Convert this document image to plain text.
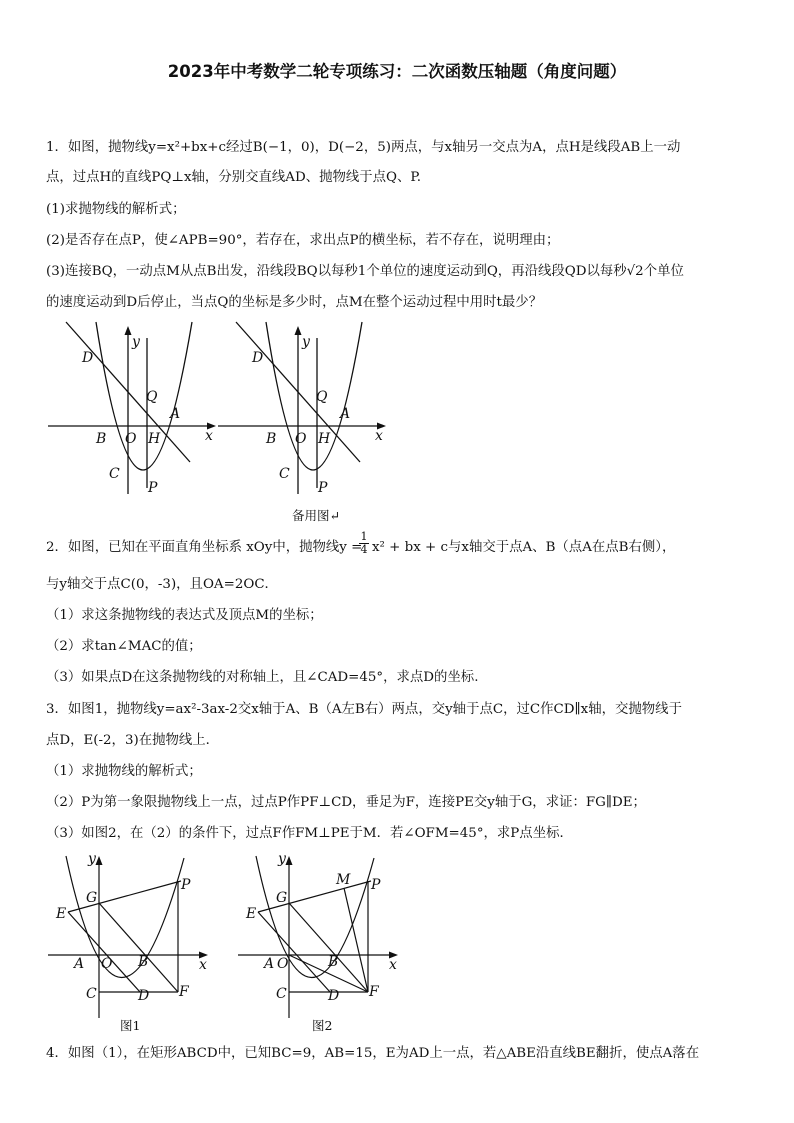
2023年中考数学二轮专项练习：二次函数压轴题（角度问题）
1．如图，抛物线y=x²+bx+c经过B(−1，0)，D(−2，5)两点，与x轴另一交点为A，点H是线段AB上一动
点，过点H的直线PQ⊥x轴，分别交直线AD、抛物线于点Q、P.
(1)求抛物线的解析式；
(2)是否存在点P，使∠APB=90°，若存在，求出点P的横坐标，若不存在，说明理由；
(3)连接BQ，一动点M从点B出发，沿线段BQ以每秒1个单位的速度运动到Q，再沿线段QD以每秒√2个单位
的速度运动到D后停止，当点Q的坐标是多少时，点M在整个运动过程中用时t最少？
D
Q
A
B O H	x
y
C
P
D
Q
A
B O H	x
y
C
P
备用图↵
2．如图，已知在平面直角坐标系 xOy中，抛物线y =
$\frac{1}{4} x^2$ + bx + c与x轴交于点A、B（点A在点B右侧），
与y轴交于点C(0，-3)，且OA=2OC．
（1）求这条抛物线的表达式及顶点M的坐标；
（2）求tan∠MAC的值；
（3）如果点D在这条抛物线的对称轴上，且∠CAD=45°，求点D的坐标.
3．如图1，抛物线y=ax²-3ax-2交x轴于A、B（A左B右）两点，交y轴于点C，过C作CD∥x轴，交抛物线于
点D，E(-2，3)在抛物线上．
（1）求抛物线的解析式；
（2）P为第一象限抛物线上一点，过点P作PF⊥CD，垂足为F，连接PE交y轴于G，求证：FG∥DE；
（3）如图2，在（2）的条件下，过点F作FM⊥PE于M．若∠OFM=45°，求P点坐标．
E
G
P
A O B	x
y
C	D F
图1
E
G
M P
A O	B	x
y
C	D F
图2
4．如图（1），在矩形ABCD中，已知BC=9，AB=15，E为AD上一点，若△ABE沿直线BE翻折，使点A落在
